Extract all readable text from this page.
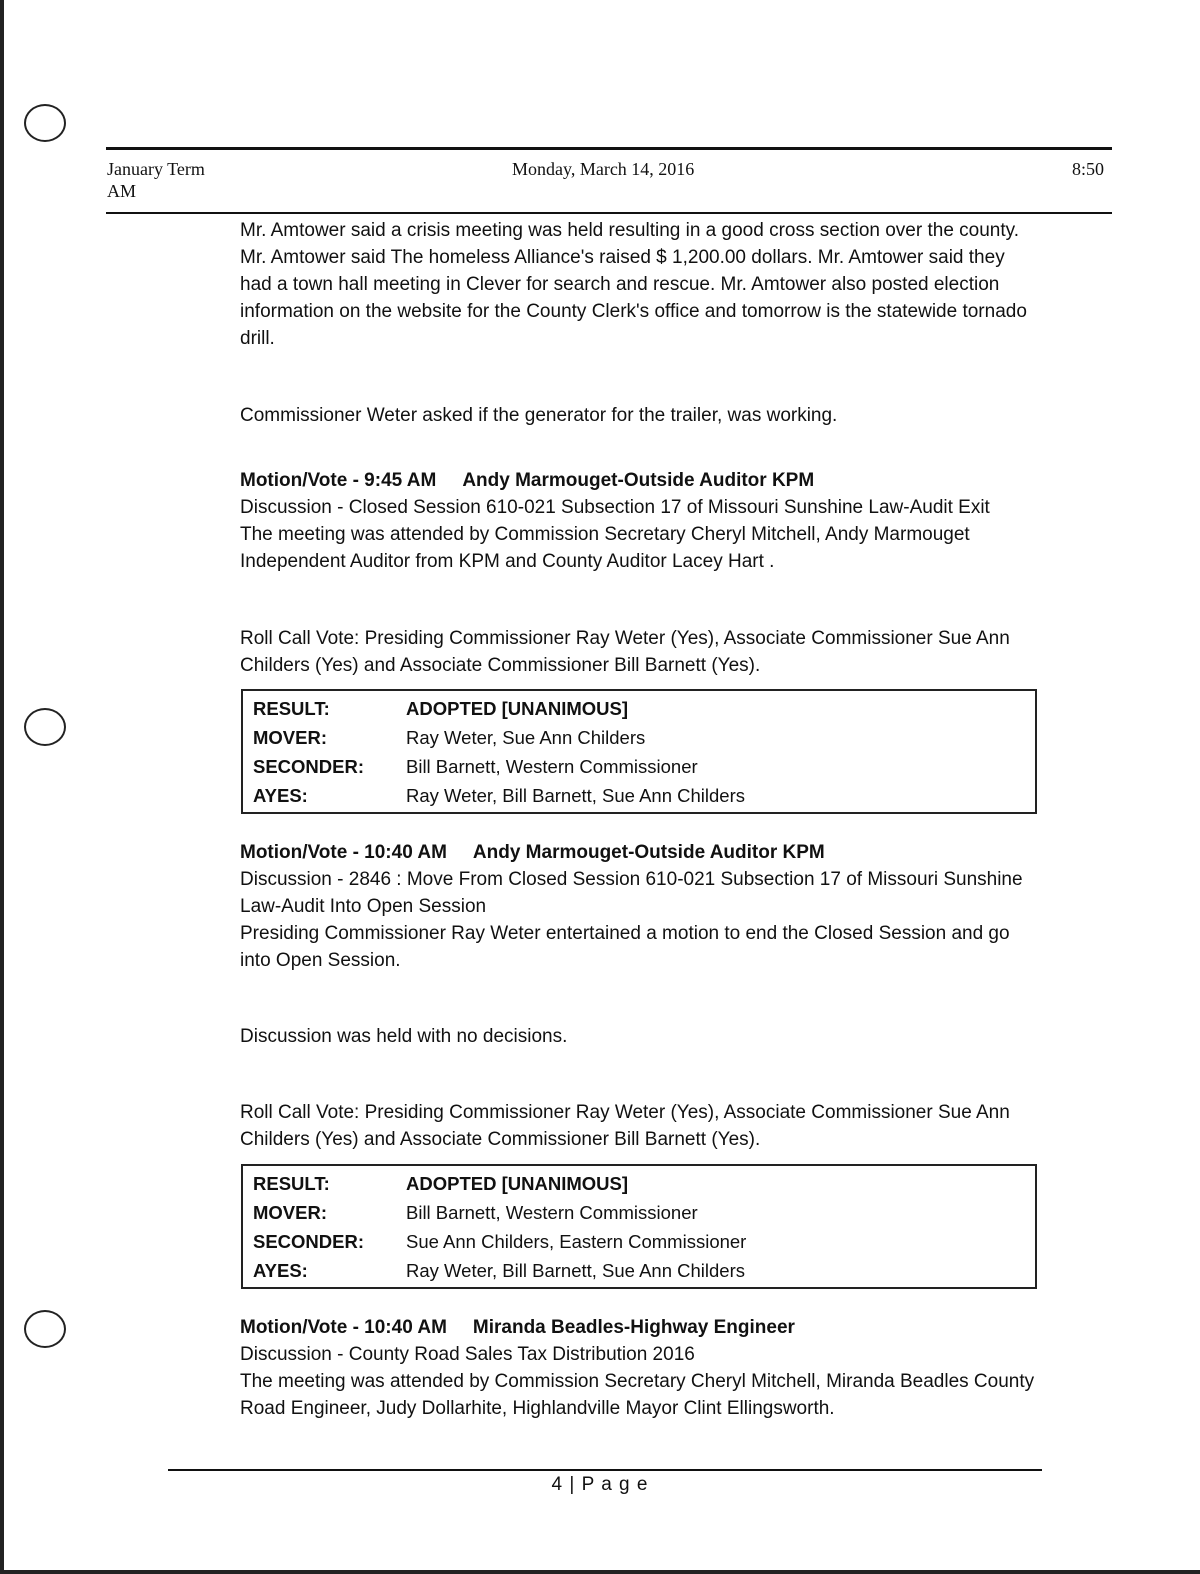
January Term
AM
Monday, March 14, 2016	8:50

Mr. Amtower said a crisis meeting was held resulting in a good cross section over the county. Mr. Amtower said The homeless Alliance's raised $ 1,200.00 dollars. Mr. Amtower said they had a town hall meeting in Clever for search and rescue. Mr. Amtower also posted election information on the website for the County Clerk's office and tomorrow is the statewide tornado drill.

Commissioner Weter asked if the generator for the trailer, was working.

Motion/Vote - 9:45 AM Andy Marmouget-Outside Auditor KPM

Discussion - Closed Session 610-021 Subsection 17 of Missouri Sunshine Law-Audit Exit

The meeting was attended by Commission Secretary Cheryl Mitchell, Andy Marmouget Independent Auditor from KPM and County Auditor Lacey Hart .

Roll Call Vote: Presiding Commissioner Ray Weter (Yes), Associate Commissioner Sue Ann Childers (Yes) and Associate Commissioner Bill Barnett (Yes).

RESULT:	ADOPTED [UNANIMOUS]
MOVER:	Ray Weter, Sue Ann Childers
SECONDER:	Bill Barnett, Western Commissioner
AYES:	Ray Weter, Bill Barnett, Sue Ann Childers
Motion/Vote - 10:40 AM Andy Marmouget-Outside Auditor KPM

Discussion - 2846 : Move From Closed Session 610-021 Subsection 17 of Missouri Sunshine Law-Audit Into Open Session

Presiding Commissioner Ray Weter entertained a motion to end the Closed Session and go into Open Session.

Discussion was held with no decisions.

Roll Call Vote: Presiding Commissioner Ray Weter (Yes), Associate Commissioner Sue Ann Childers (Yes) and Associate Commissioner Bill Barnett (Yes).

RESULT:	ADOPTED [UNANIMOUS]
MOVER:	Bill Barnett, Western Commissioner
SECONDER:	Sue Ann Childers, Eastern Commissioner
AYES:	Ray Weter, Bill Barnett, Sue Ann Childers
Motion/Vote - 10:40 AM Miranda Beadles-Highway Engineer

Discussion - County Road Sales Tax Distribution 2016

The meeting was attended by Commission Secretary Cheryl Mitchell, Miranda Beadles County Road Engineer, Judy Dollarhite, Highlandville Mayor Clint Ellingsworth.

4 | P a g e
